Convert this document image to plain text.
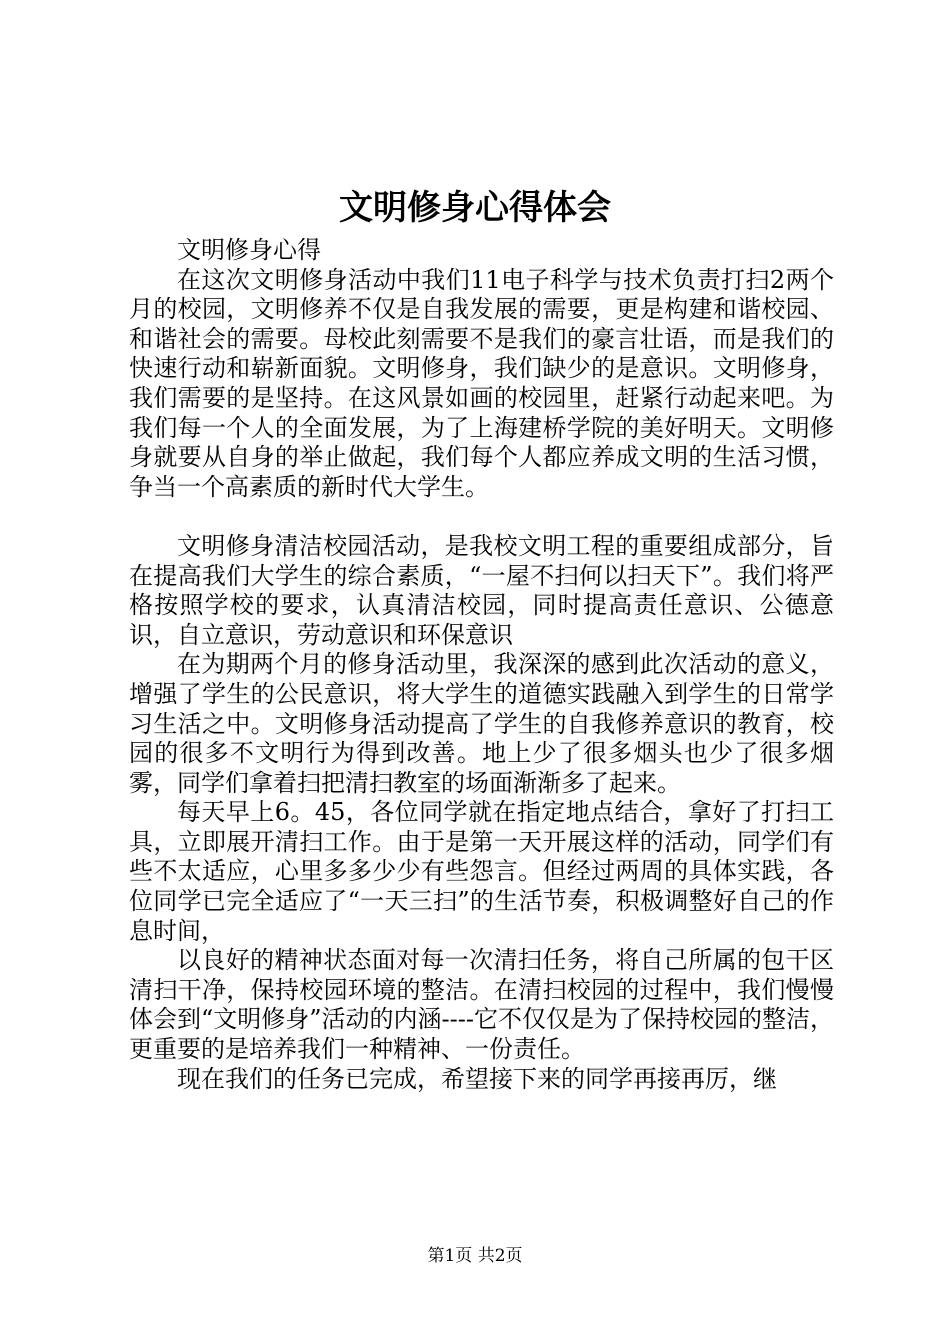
文明修身心得体会

文明修身心得

在这次文明修身活动中我们11电子科学与技术负责打扫2两个月的校园，文明修养不仅是自我发展的需要，更是构建和谐校园、和谐社会的需要。母校此刻需要不是我们的豪言壮语，而是我们的快速行动和崭新面貌。文明修身，我们缺少的是意识。文明修身，我们需要的是坚持。在这风景如画的校园里，赶紧行动起来吧。为我们每一个人的全面发展，为了上海建桥学院的美好明天。文明修身就要从自身的举止做起，我们每个人都应养成文明的生活习惯，争当一个高素质的新时代大学生。

文明修身清洁校园活动，是我校文明工程的重要组成部分，旨在提高我们大学生的综合素质，“一屋不扫何以扫天下”。我们将严格按照学校的要求，认真清洁校园，同时提高责任意识、公德意识，自立意识，劳动意识和环保意识

在为期两个月的修身活动里，我深深的感到此次活动的意义，增强了学生的公民意识，将大学生的道德实践融入到学生的日常学习生活之中。文明修身活动提高了学生的自我修养意识的教育，校园的很多不文明行为得到改善。地上少了很多烟头也少了很多烟雾，同学们拿着扫把清扫教室的场面渐渐多了起来。

每天早上6。45，各位同学就在指定地点结合，拿好了打扫工具，立即展开清扫工作。由于是第一天开展这样的活动，同学们有些不太适应，心里多多少少有些怨言。但经过两周的具体实践，各位同学已完全适应了“一天三扫”的生活节奏，积极调整好自己的作息时间，

以良好的精神状态面对每一次清扫任务，将自己所属的包干区清扫干净，保持校园环境的整洁。在清扫校园的过程中，我们慢慢体会到“文明修身”活动的内涵----它不仅仅是为了保持校园的整洁，更重要的是培养我们一种精神、一份责任。

现在我们的任务已完成，希望接下来的同学再接再厉，继

第1页 共2页
